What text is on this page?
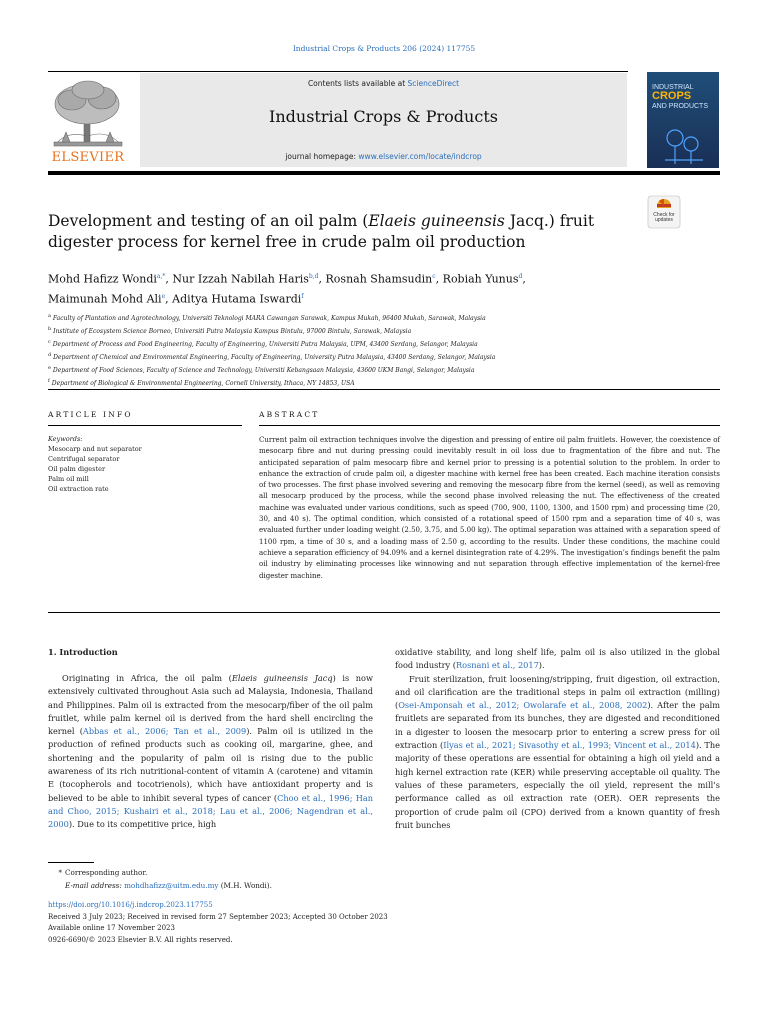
Industrial Crops & Products 206 (2024) 117755
ELSEVIER
Contents lists available at ScienceDirect
Industrial Crops & Products
journal homepage: www.elsevier.com/locate/indcrop
INDUSTRIAL
CROPS
AND PRODUCTS
Development and testing of an oil palm (Elaeis guineensis Jacq.) fruit digester process for kernel free in crude palm oil production
Check for updates
Mohd Hafizz Wondi$^{a,*}$, Nur Izzah Nabilah Haris$^{b,d}$, Rosnah Shamsudin$^c$, Robiah Yunus$^d$,
Maimunah Mohd Ali$^e$, Aditya Hutama Iswardi$^f$
$^a$ Faculty of Plantation and Agrotechnology, Universiti Teknologi MARA Cawangan Sarawak, Kampus Mukah, 96400 Mukah, Sarawak, Malaysia
$^b$ Institute of Ecosystem Science Borneo, Universiti Putra Malaysia Kampus Bintulu, 97000 Bintulu, Sarawak, Malaysia
$^c$ Department of Process and Food Engineering, Faculty of Engineering, Universiti Putra Malaysia, UPM, 43400 Serdang, Selangor, Malaysia
$^d$ Department of Chemical and Environmental Engineering, Faculty of Engineering, University Putra Malaysia, 43400 Serdang, Selangor, Malaysia
$^e$ Department of Food Sciences, Faculty of Science and Technology, Universiti Kebangsaan Malaysia, 43600 UKM Bangi, Selangor, Malaysia
$^f$ Department of Biological & Environmental Engineering, Cornell University, Ithaca, NY 14853, USA
ARTICLE INFO	ABSTRACT
Keywords:
Mesocarp and nut separator
Centrifugal separator
Oil palm digester
Palm oil mill
Oil extraction rate
Current palm oil extraction techniques involve the digestion and pressing of entire oil palm fruitlets. However, the coexistence of mesocarp fibre and nut during pressing could inevitably result in oil loss due to fragmentation of the fibre and nut. The anticipated separation of palm mesocarp fibre and kernel prior to pressing is a potential solution to the problem. In order to enhance the extraction of crude palm oil, a digester machine with kernel free has been created. Each machine iteration consists of two processes. The first phase involved severing and removing the mesocarp fibre from the kernel (seed), as well as removing all mesocarp produced by the process, while the second phase involved releasing the nut. The effectiveness of the created machine was evaluated under various conditions, such as speed (700, 900, 1100, 1300, and 1500 rpm) and processing time (20, 30, and 40 s). The optimal condition, which consisted of a rotational speed of 1500 rpm and a separation time of 40 s, was evaluated further under loading weight (2.50, 3.75, and 5.00 kg). The optimal separation was attained with a separation speed of 1100 rpm, a time of 30 s, and a loading mass of 2.50 g, according to the results. Under these conditions, the machine could achieve a separation efficiency of 94.09% and a kernel disintegration rate of 4.29%. The investigation’s findings benefit the palm oil industry by eliminating processes like winnowing and nut separation through effective implementation of the kernel-free digester machine.
1. Introduction

Originating in Africa, the oil palm (Elaeis guineensis Jacq) is now extensively cultivated throughout Asia such ad Malaysia, Indonesia, Thailand and Philippines. Palm oil is extracted from the mesocarp/fiber of the oil palm fruitlet, while palm kernel oil is derived from the hard shell encircling the kernel (Abbas et al., 2006; Tan et al., 2009). Palm oil is utilized in the production of refined products such as cooking oil, margarine, ghee, and shortening and the popularity of palm oil is rising due to the public awareness of its rich nutritional-content of vitamin A (carotene) and vitamin E (tocopherols and tocotrienols), which have antioxidant property and is believed to be able to inhibit several types of cancer (Choo et al., 1996; Han and Choo, 2015; Kushairi et al., 2018; Lau et al., 2006; Nagendran et al., 2000). Due to its competitive price, high

oxidative stability, and long shelf life, palm oil is also utilized in the global food industry (Rosnani et al., 2017).

Fruit sterilization, fruit loosening/stripping, fruit digestion, oil extraction, and oil clarification are the traditional steps in palm oil extraction (milling) (Osei-Amponsah et al., 2012; Owolarafe et al., 2008, 2002). After the palm fruitlets are separated from its bunches, they are digested and reconditioned in a digester to loosen the mesocarp prior to entering a screw press for oil extraction (Ilyas et al., 2021; Sivasothy et al., 1993; Vincent et al., 2014). The majority of these operations are essential for obtaining a high oil yield and a high kernel extraction rate (KER) while preserving acceptable oil quality. The values of these parameters, especially the oil yield, represent the mill’s performance called as oil extraction rate (OER). OER represents the proportion of crude palm oil (CPO) derived from a known quantity of fresh fruit bunches

* Corresponding author.
E-mail address: mohdhafizz@uitm.edu.my (M.H. Wondi).
https://doi.org/10.1016/j.indcrop.2023.117755
Received 3 July 2023; Received in revised form 27 September 2023; Accepted 30 October 2023
Available online 17 November 2023
0926-6690/© 2023 Elsevier B.V. All rights reserved.
